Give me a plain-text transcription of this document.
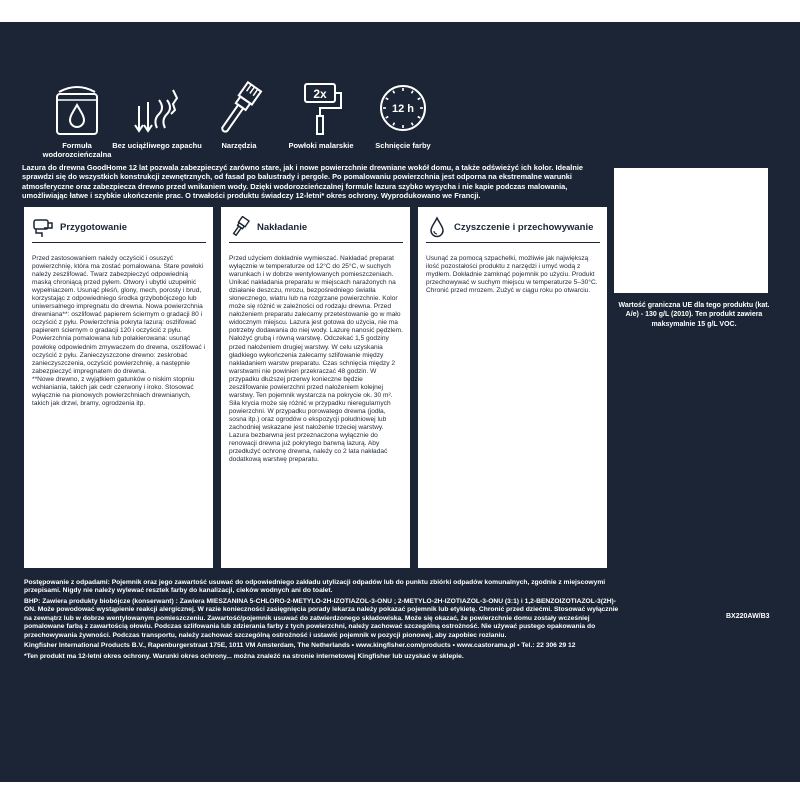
Formuła wodorozcieńczalna
Bez uciążliwego zapachu	Narzędzia
2x
Powłoki malarskie
12 h
Schnięcie farby
Lazura do drewna GoodHome 12 lat pozwala zabezpieczyć zarówno stare, jak i nowe powierzchnie drewniane wokół domu, a także odświeżyć ich kolor. Idealnie sprawdzi się do wszystkich konstrukcji zewnętrznych, od fasad po balustrady i pergole. Po pomalowaniu powierzchnia jest odporna na ekstremalne warunki atmosferyczne oraz zabezpiecza drewno przed wnikaniem wody. Dzięki wodorozcieńczalnej formule lazura szybko wysycha i nie kapie podczas malowania, umożliwiając łatwe i szybkie ukończenie prac. O trwałości produktu świadczy 12-letni* okres ochrony. Wyprodukowano we Francji.
Przygotowanie
Przed zastosowaniem należy oczyścić i osuszyć powierzchnię, która ma zostać pomalowana. Stare powłoki należy zeszlifować. Twarz zabezpieczyć odpowiednią maską chroniącą przed pyłem. Otwory i ubytki uzupełnić wypełniaczem. Usunąć pleśń, glony, mech, porosty i brud, korzystając z odpowiedniego środka grzybobójczego lub uniwersalnego impregnatu do drewna. Nowa powierzchnia drewniana**: oszlifować papierem ściernym o gradacji 80 i oczyścić z pyłu. Powierzchnia pokryta lazurą: oszlifować papierem ściernym o gradacji 120 i oczyścić z pyłu. Powierzchnia pomalowana lub polakierowana: usunąć powłokę odpowiednim zmywaczem do drewna, oszlifować i oczyścić z pyłu. Zanieczyszczone drewno: zeskrobać zanieczyszczenia, oczyścić powierzchnię, a następnie zabezpieczyć impregnatem do drewna.
**Nowe drewno, z wyjątkiem gatunków o niskim stopniu wchłaniania, takich jak cedr czerwony i iroko. Stosować wyłącznie na pionowych powierzchniach drewnianych, takich jak drzwi, bramy, ogrodzenia itp.
Nakładanie
Przed użyciem dokładnie wymieszać. Nakładać preparat wyłącznie w temperaturze od 12°C do 25°C, w suchych warunkach i w dobrze wentylowanych pomieszczeniach. Unikać nakładania preparatu w miejscach narażonych na działanie deszczu, mrozu, bezpośredniego światła słonecznego, wiatru lub na rozgrzane powierzchnie. Kolor może się różnić w zależności od rodzaju drewna. Przed nałożeniem preparatu zalecamy przetestowanie go w mało widocznym miejscu. Lazura jest gotowa do użycia, nie ma potrzeby dodawania do niej wody. Lazurę nanosić pędzlem. Nałożyć grubą i równą warstwę. Odczekać 1,5 godziny przed nałożeniem drugiej warstwy. W celu uzyskania gładkiego wykończenia zalecamy szlifowanie między nakładaniem warstw preparatu. Czas schnięcia między 2 warstwami nie powinien przekraczać 48 godzin. W przypadku dłuższej przerwy konieczne będzie zeszlifowanie powierzchni przed nałożeniem kolejnej warstwy. Ten pojemnik wystarcza na pokrycie ok. 30 m². Siła krycia może się różnić w przypadku nieregularnych powierzchni. W przypadku porowatego drewna (jodła, sosna itp.) oraz ogrodów o ekspozycji południowej lub zachodniej wskazane jest nałożenie trzeciej warstwy. Lazura bezbarwna jest przeznaczona wyłącznie do renowacji drewna już pokrytego barwną lazurą. Aby przedłużyć ochronę drewna, należy co 2 lata nakładać dodatkową warstwę preparatu.
Czyszczenie i przechowywanie
Usunąć za pomocą szpachelki, możliwie jak największą ilość pozostałości produktu z narzędzi i umyć wodą z mydłem. Dokładnie zamknąć pojemnik po użyciu. Produkt przechowywać w suchym miejscu w temperaturze 5–30°C. Chronić przed mrozem. Zużyć w ciągu roku po otwarciu.
Wartość graniczna UE dla tego produktu (kat. A/e) - 130 g/L (2010). Ten produkt zawiera maksymalnie 15 g/L VOC.

Postępowanie z odpadami: Pojemnik oraz jego zawartość usuwać do odpowiedniego zakładu utylizacji odpadów lub do punktu zbiórki odpadów komunalnych, zgodnie z miejscowymi przepisami. Nigdy nie należy wylewać resztek farby do kanalizacji, cieków wodnych ani do toalet.

BHP: Zawiera produkty biobójcze (konserwant) : Zawiera MIESZANINA 5-CHLORO-2-METYLO-2H-IZOTIAZOL-3-ONU ; 2-METYLO-2H-IZOTIAZOL-3-ONU (3:1) i 1,2-BENZOIZOTIAZOL-3(2H)-ON. Może powodować wystąpienie reakcji alergicznej. W razie konieczności zasięgnięcia porady lekarza należy pokazać pojemnik lub etykietę. Chronić przed dziećmi. Stosować wyłącznie na zewnątrz lub w dobrze wentylowanym pomieszczeniu. Zawartość/pojemnik usuwać do zatwierdzonego składowiska. Może się okazać, że powierzchnie domu zostały wcześniej pomalowane farbą z zawartością ołowiu. Podczas szlifowania lub zdzierania farby z tych powierzchni, należy zachować szczególną ostrożność. Nie używać pustego opakowania do przechowywania żywności. Podczas transportu, należy zachować szczególną ostrożność i ustawić pojemnik w pozycji pionowej, aby zapobiec rozlaniu.

Kingfisher International Products B.V., Rapenburgerstraat 175E, 1011 VM Amsterdam, The Netherlands • www.kingfisher.com/products • www.castorama.pl • Tel.: 22 306 29 12

*Ten produkt ma 12-letni okres ochrony. Warunki okres ochrony... można znaleźć na stronie internetowej Kingfisher lub uzyskać w sklepie.

BX220AW/B3
